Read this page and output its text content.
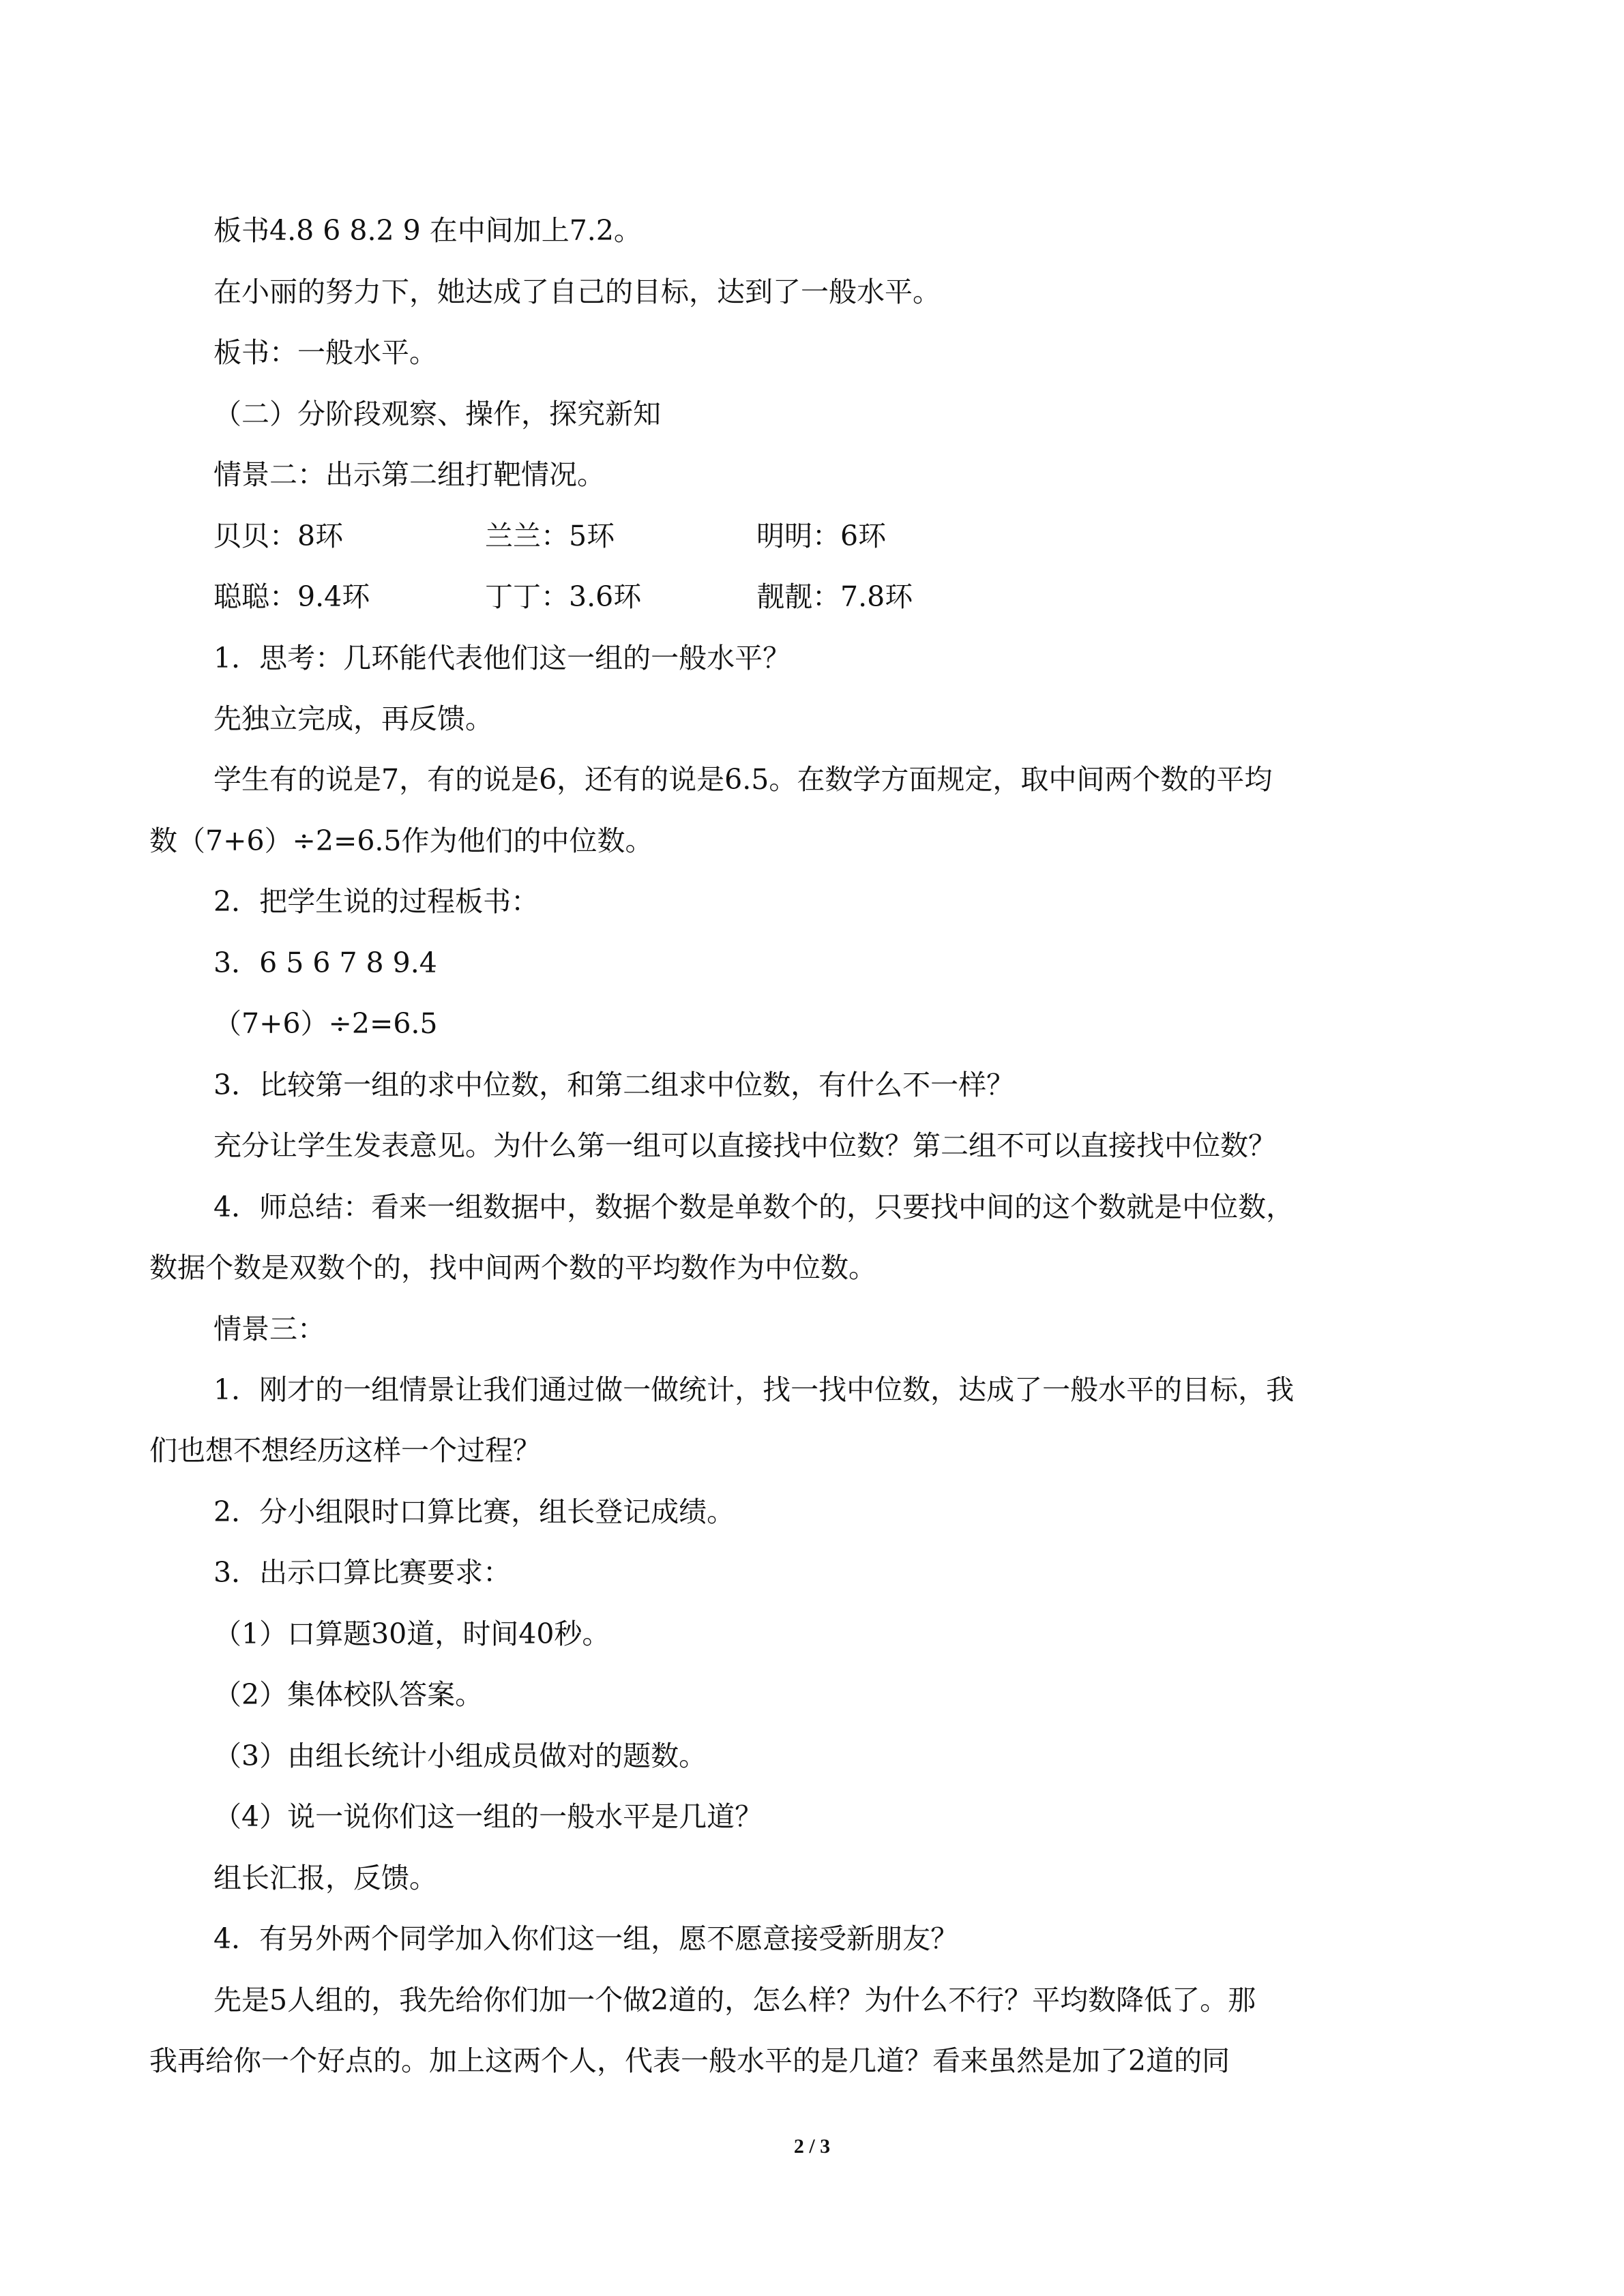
板书4.8 6 8.2 9 在中间加上7.2。
在小丽的努力下，她达成了自己的目标，达到了一般水平。
板书：一般水平。
（二）分阶段观察、操作，探究新知
情景二：出示第二组打靶情况。
贝贝：8环	兰兰：5环	明明：6环
聪聪：9.4环	丁丁：3.6环	靓靓：7.8环
1．思考：几环能代表他们这一组的一般水平？
先独立完成，再反馈。
学生有的说是7，有的说是6，还有的说是6.5。在数学方面规定，取中间两个数的平均
数（7+6）÷2=6.5作为他们的中位数。
2．把学生说的过程板书：
3．6 5 6 7 8 9.4
（7+6）÷2=6.5
3．比较第一组的求中位数，和第二组求中位数，有什么不一样？
充分让学生发表意见。为什么第一组可以直接找中位数？第二组不可以直接找中位数？
4．师总结：看来一组数据中，数据个数是单数个的，只要找中间的这个数就是中位数，
数据个数是双数个的，找中间两个数的平均数作为中位数。
情景三：
1．刚才的一组情景让我们通过做一做统计，找一找中位数，达成了一般水平的目标，我
们也想不想经历这样一个过程？
2．分小组限时口算比赛，组长登记成绩。
3．出示口算比赛要求：
（1）口算题30道，时间40秒。
（2）集体校队答案。
（3）由组长统计小组成员做对的题数。
（4）说一说你们这一组的一般水平是几道？
组长汇报，反馈。
4．有另外两个同学加入你们这一组，愿不愿意接受新朋友？
先是5人组的，我先给你们加一个做2道的，怎么样？为什么不行？平均数降低了。那
我再给你一个好点的。加上这两个人，代表一般水平的是几道？看来虽然是加了2道的同
2 / 3
